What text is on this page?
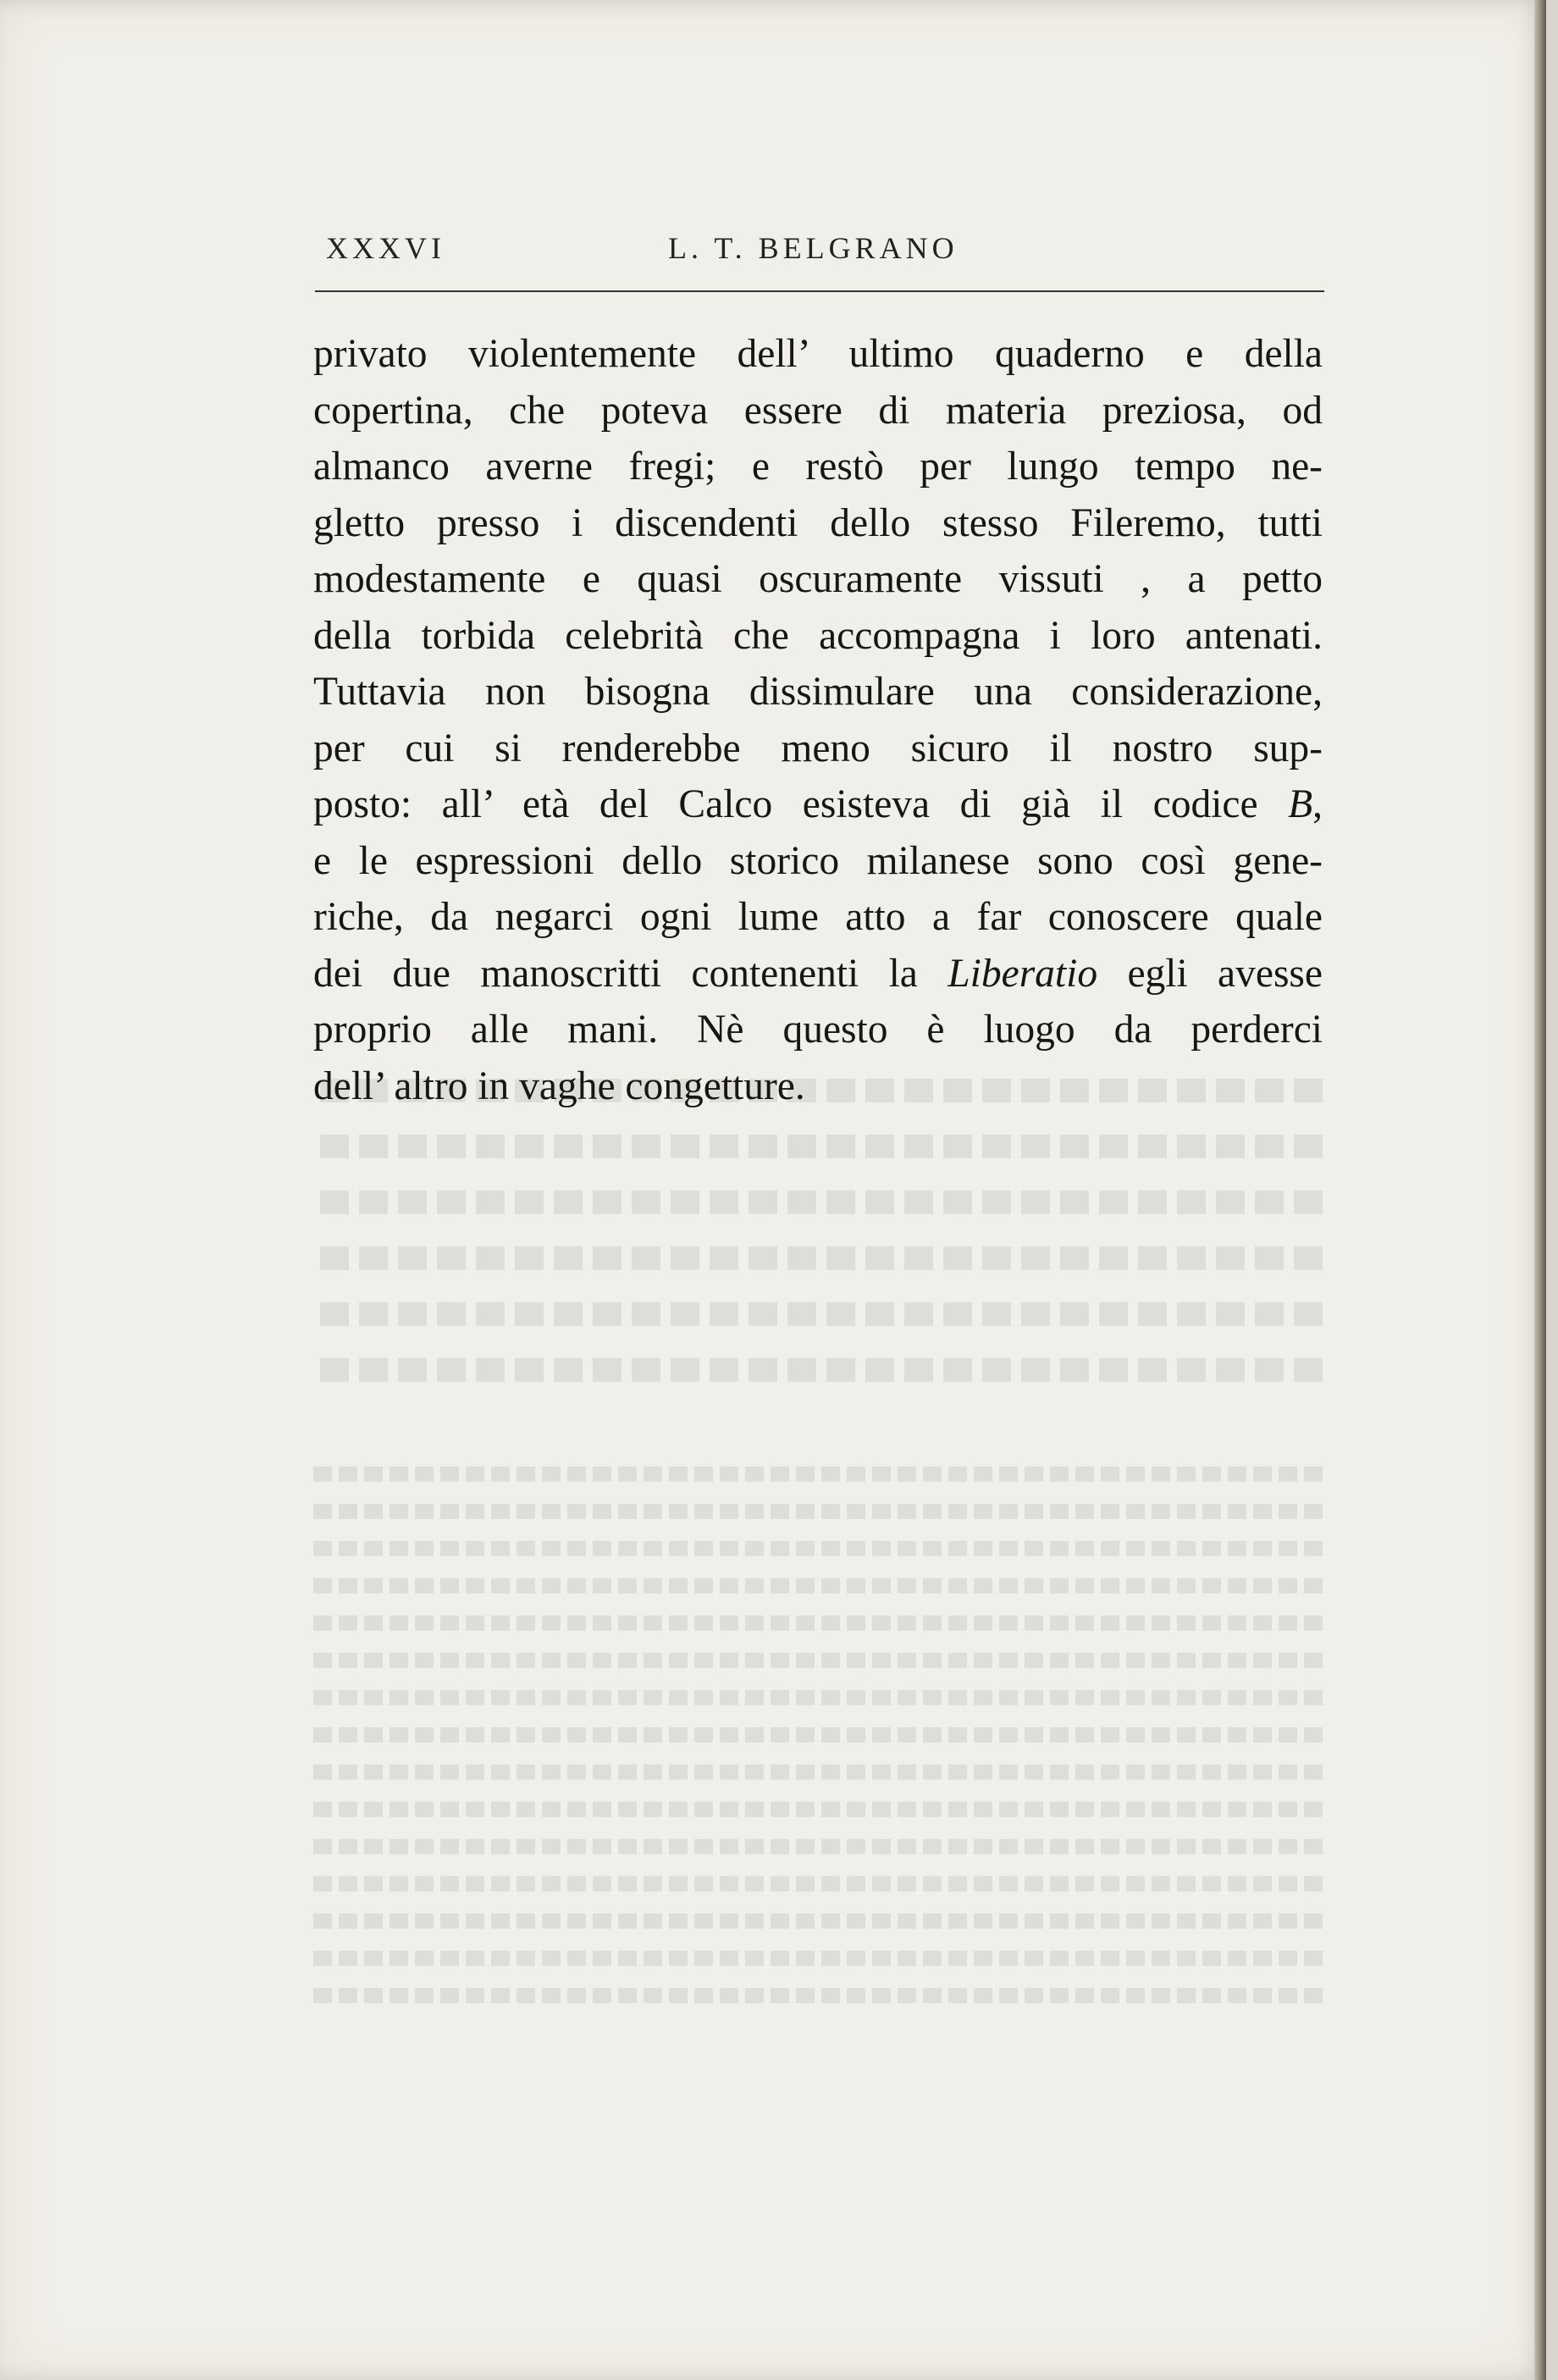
XXXVI	L. T. BELGRANO
privato violentemente dell’ ultimo quaderno e della
copertina, che poteva essere di materia preziosa, od
almanco averne fregi; e restò per lungo tempo ne-
gletto presso i discendenti dello stesso Fileremo, tutti
modestamente e quasi oscuramente vissuti , a petto
della torbida celebrità che accompagna i loro antenati.
Tuttavia non bisogna dissimulare una considerazione,
per cui si renderebbe meno sicuro il nostro sup-
posto: all’ età del Calco esisteva di già il codice B,
e le espressioni dello storico milanese sono così gene-
riche, da negarci ogni lume atto a far conoscere quale
dei due manoscritti contenenti la Liberatio egli avesse
proprio alle mani. Nè questo è luogo da perderci
dell’ altro in vaghe congetture.
